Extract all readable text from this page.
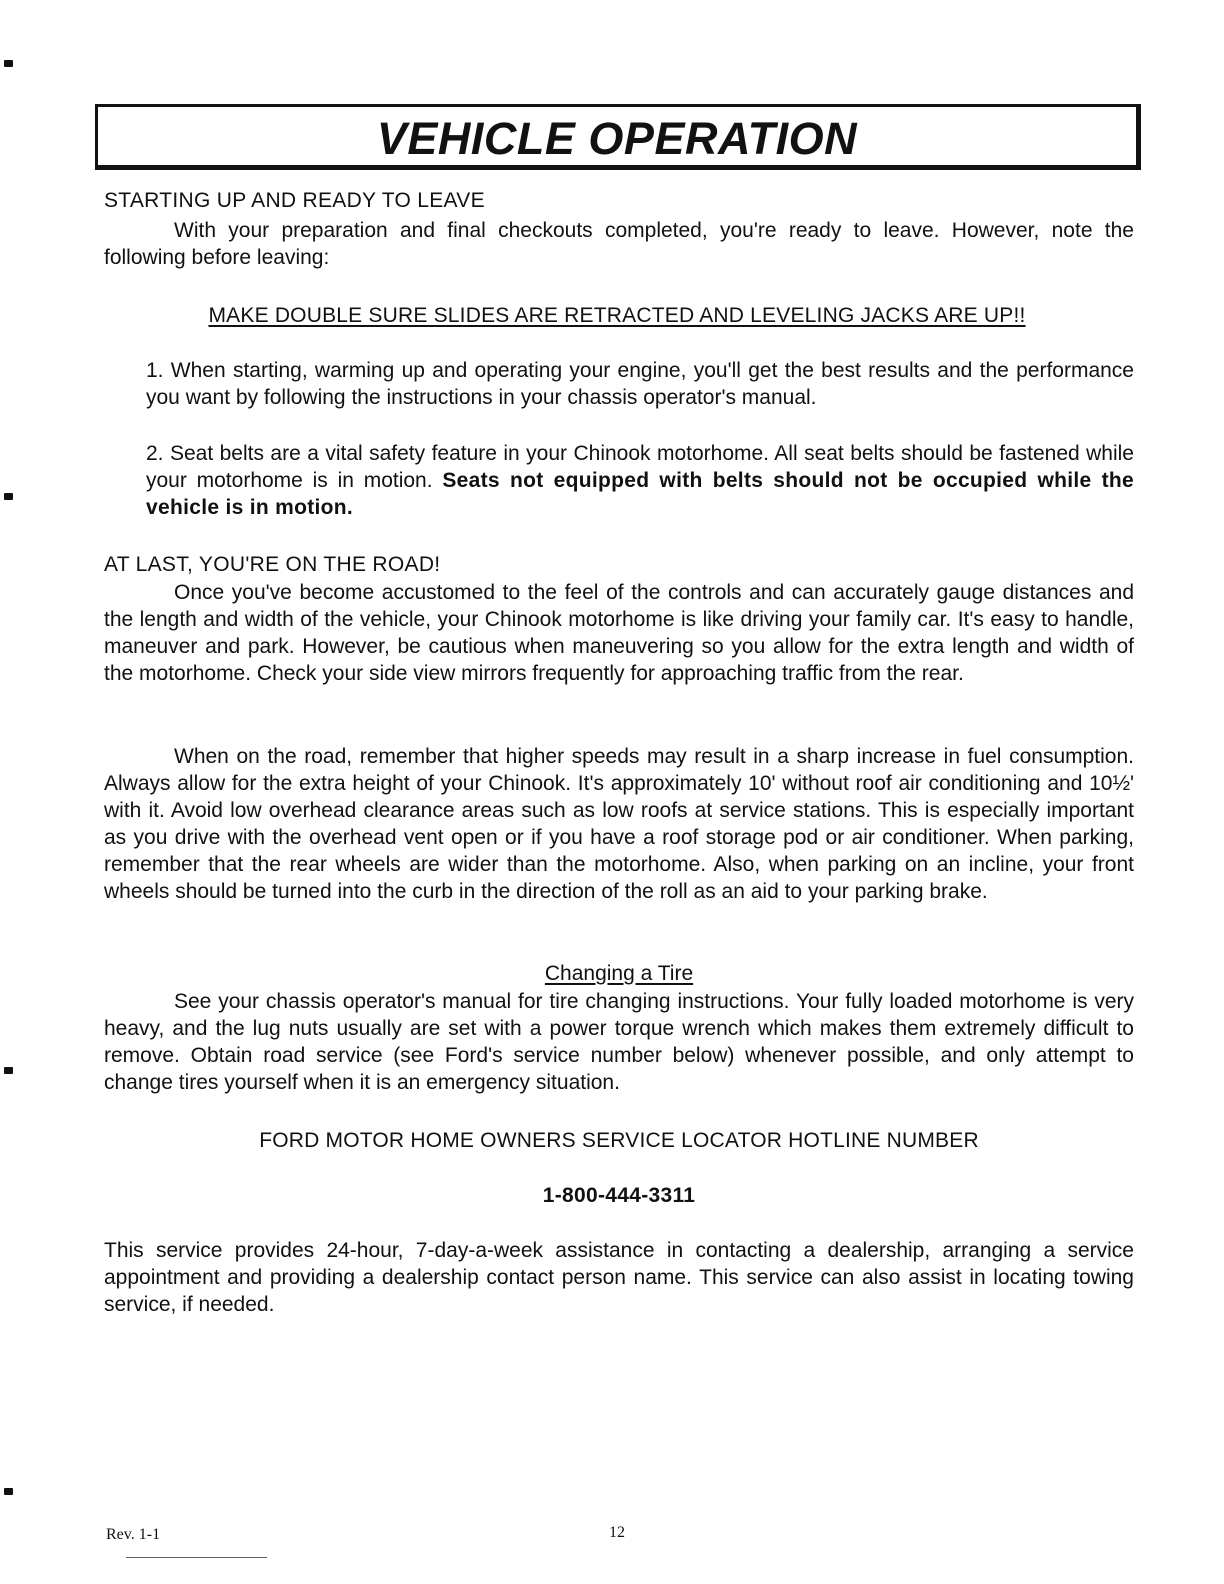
VEHICLE OPERATION
STARTING UP AND READY TO LEAVE
With your preparation and final checkouts completed, you're ready to leave. However, note the following before leaving:
MAKE DOUBLE SURE SLIDES ARE RETRACTED AND LEVELING JACKS ARE UP!!
1. When starting, warming up and operating your engine, you'll get the best results and the performance you want by following the instructions in your chassis operator's manual.
2. Seat belts are a vital safety feature in your Chinook motorhome. All seat belts should be fastened while your motorhome is in motion. Seats not equipped with belts should not be occupied while the vehicle is in motion.
AT LAST, YOU'RE ON THE ROAD!
Once you've become accustomed to the feel of the controls and can accurately gauge distances and the length and width of the vehicle, your Chinook motorhome is like driving your family car. It's easy to handle, maneuver and park. However, be cautious when maneuvering so you allow for the extra length and width of the motorhome. Check your side view mirrors frequently for approaching traffic from the rear.
When on the road, remember that higher speeds may result in a sharp increase in fuel consumption. Always allow for the extra height of your Chinook. It's approximately 10' without roof air conditioning and 10½' with it. Avoid low overhead clearance areas such as low roofs at service stations. This is especially important as you drive with the overhead vent open or if you have a roof storage pod or air conditioner. When parking, remember that the rear wheels are wider than the motorhome. Also, when parking on an incline, your front wheels should be turned into the curb in the direction of the roll as an aid to your parking brake.
Changing a Tire
See your chassis operator's manual for tire changing instructions. Your fully loaded motorhome is very heavy, and the lug nuts usually are set with a power torque wrench which makes them extremely difficult to remove. Obtain road service (see Ford's service number below) whenever possible, and only attempt to change tires yourself when it is an emergency situation.
FORD MOTOR HOME OWNERS SERVICE LOCATOR HOTLINE NUMBER
1-800-444-3311
This service provides 24-hour, 7-day-a-week assistance in contacting a dealership, arranging a service appointment and providing a dealership contact person name. This service can also assist in locating towing service, if needed.
Rev. 1-1	12
